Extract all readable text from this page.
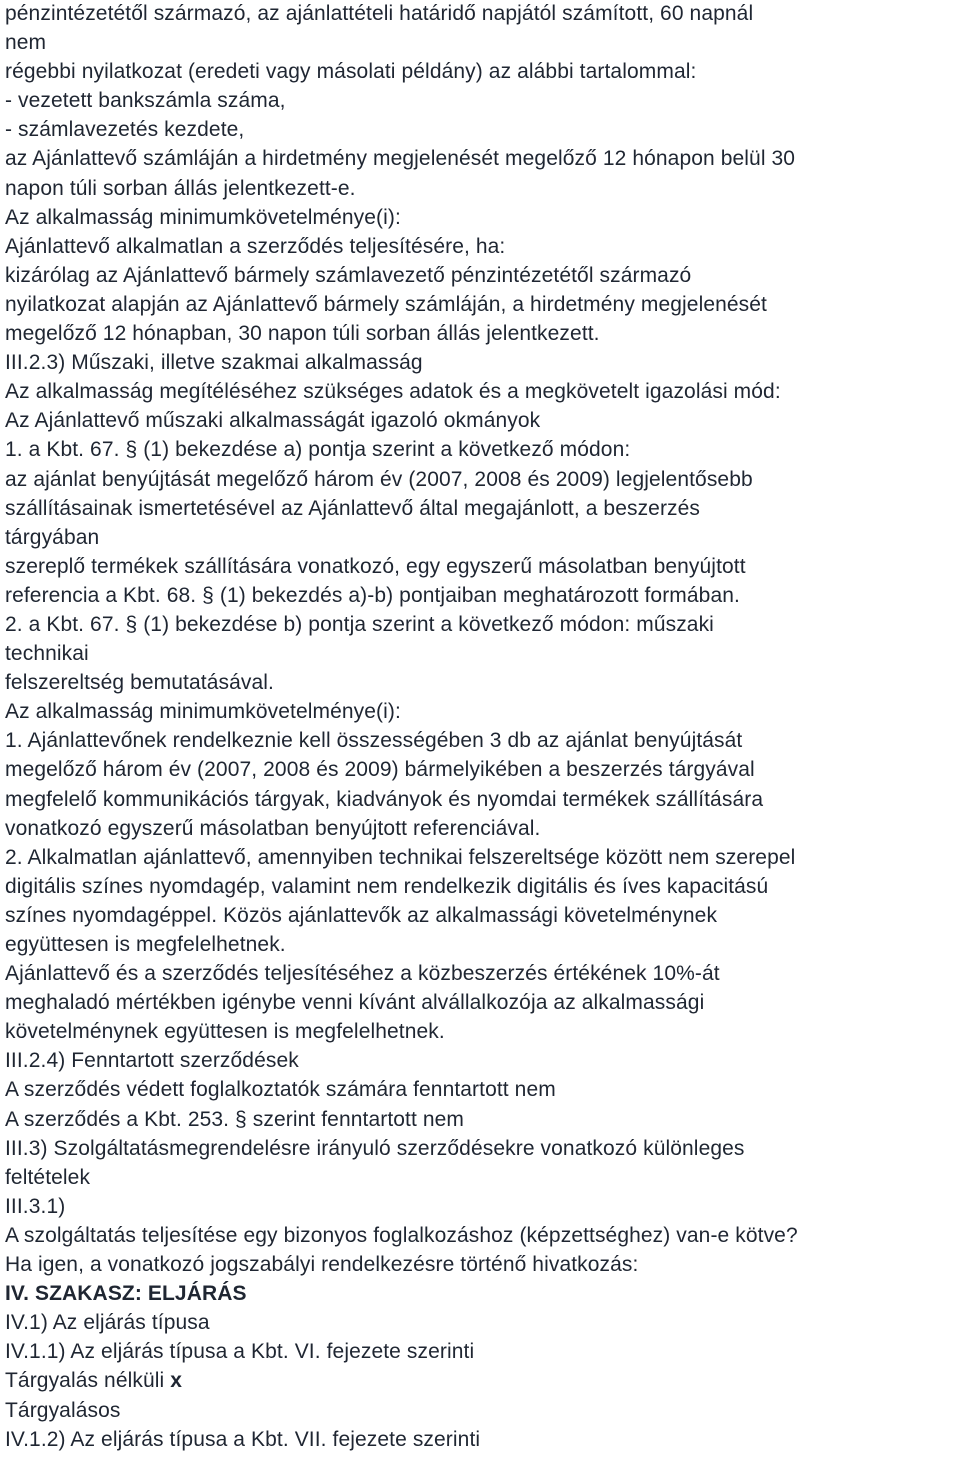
pénzintézetétől származó, az ajánlattételi határidő napjától számított, 60 napnál
nem
régebbi nyilatkozat (eredeti vagy másolati példány) az alábbi tartalommal:
- vezetett bankszámla száma,
- számlavezetés kezdete,
az Ajánlattevő számláján a hirdetmény megjelenését megelőző 12 hónapon belül 30
napon túli sorban állás jelentkezett-e.
Az alkalmasság minimumkövetelménye(i):
Ajánlattevő alkalmatlan a szerződés teljesítésére, ha:
kizárólag az Ajánlattevő bármely számlavezető pénzintézetétől származó
nyilatkozat alapján az Ajánlattevő bármely számláján, a hirdetmény megjelenését
megelőző 12 hónapban, 30 napon túli sorban állás jelentkezett.
III.2.3) Műszaki, illetve szakmai alkalmasság
Az alkalmasság megítéléséhez szükséges adatok és a megkövetelt igazolási mód:
Az Ajánlattevő műszaki alkalmasságát igazoló okmányok
1. a Kbt. 67. § (1) bekezdése a) pontja szerint a következő módon:
az ajánlat benyújtását megelőző három év (2007, 2008 és 2009) legjelentősebb
szállításainak ismertetésével az Ajánlattevő által megajánlott, a beszerzés
tárgyában
szereplő termékek szállítására vonatkozó, egy egyszerű másolatban benyújtott
referencia a Kbt. 68. § (1) bekezdés a)-b) pontjaiban meghatározott formában.
2. a Kbt. 67. § (1) bekezdése b) pontja szerint a következő módon: műszaki
technikai
felszereltség bemutatásával.
Az alkalmasság minimumkövetelménye(i):
1. Ajánlattevőnek rendelkeznie kell összességében 3 db az ajánlat benyújtását
megelőző három év (2007, 2008 és 2009) bármelyikében a beszerzés tárgyával
megfelelő kommunikációs tárgyak, kiadványok és nyomdai termékek szállítására
vonatkozó egyszerű másolatban benyújtott referenciával.
2. Alkalmatlan ajánlattevő, amennyiben technikai felszereltsége között nem szerepel
digitális színes nyomdagép, valamint nem rendelkezik digitális és íves kapacitású
színes nyomdagéppel. Közös ajánlattevők az alkalmassági követelménynek
együttesen is megfelelhetnek.
Ajánlattevő és a szerződés teljesítéséhez a közbeszerzés értékének 10%-át
meghaladó mértékben igénybe venni kívánt alvállalkozója az alkalmassági
követelménynek együttesen is megfelelhetnek.
III.2.4) Fenntartott szerződések
A szerződés védett foglalkoztatók számára fenntartott nem
A szerződés a Kbt. 253. § szerint fenntartott nem
III.3) Szolgáltatásmegrendelésre irányuló szerződésekre vonatkozó különleges
feltételek
III.3.1)
A szolgáltatás teljesítése egy bizonyos foglalkozáshoz (képzettséghez) van-e kötve?
Ha igen, a vonatkozó jogszabályi rendelkezésre történő hivatkozás:
IV. SZAKASZ: ELJÁRÁS
IV.1) Az eljárás típusa
IV.1.1) Az eljárás típusa a Kbt. VI. fejezete szerinti
Tárgyalás nélküli x
Tárgyalásos
IV.1.2) Az eljárás típusa a Kbt. VII. fejezete szerinti
